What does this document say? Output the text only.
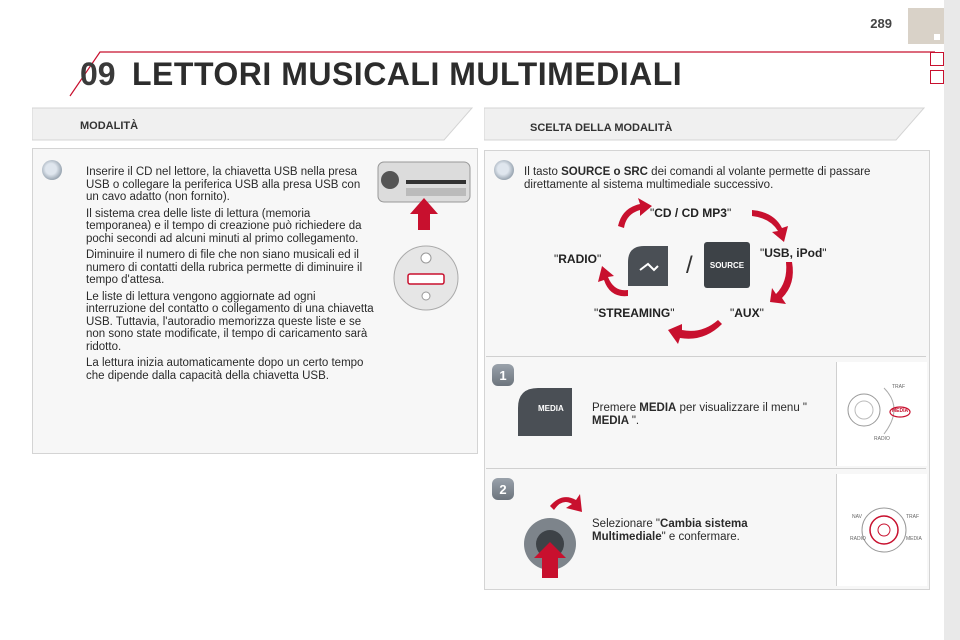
289
09 LETTORI MUSICALI MULTIMEDIALI
MODALITÀ

Inserire il CD nel lettore, la chiavetta USB nella presa USB o collegare la periferica USB alla presa USB con un cavo adatto (non fornito).

Il sistema crea delle liste di lettura (memoria temporanea) e il tempo di creazione può richiedere da pochi secondi ad alcuni minuti al primo collegamento.

Diminuire il numero di file che non siano musicali ed il numero di contatti della rubrica permette di diminuire il tempo d'attesa.

Le liste di lettura vengono aggiornate ad ogni interruzione del contatto o collegamento di una chiavetta USB. Tuttavia, l'autoradio memorizza queste liste e se non sono state modificate, il tempo di caricamento sarà ridotto.

La lettura inizia automaticamente dopo un certo tempo che dipende dalla capacità della chiavetta USB.

SCELTA DELLA MODALITÀ
Il tasto SOURCE o SRC dei comandi al volante permette di passare direttamente al sistema multimediale successivo.
"CD / CD MP3"
"USB, iPod"
"AUX"
"STREAMING"
"RADIO"	/ SOURCE
1
MEDIA Premere MEDIA per visualizzare il menu " MEDIA ".
TRAF
MEDIA
RADIO
2
Selezionare "Cambia sistema Multimediale" e confermare.
NAV	TRAF
RADIO	MEDIA
